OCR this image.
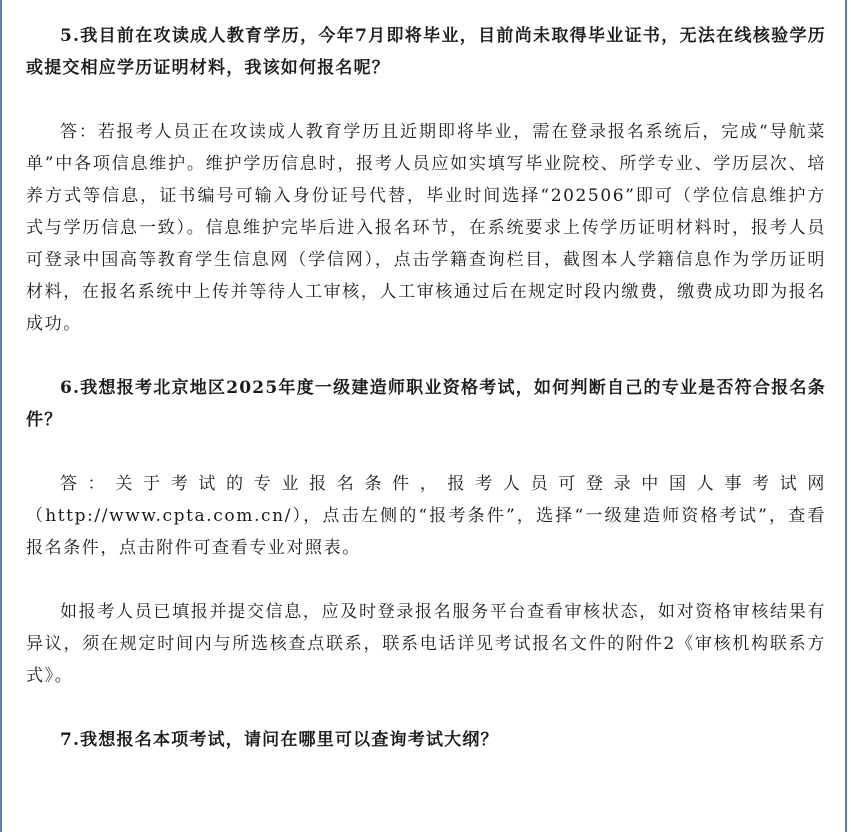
5.我目前在攻读成人教育学历，今年7月即将毕业，目前尚未取得毕业证书，无法在线核验学历或提交相应学历证明材料，我该如何报名呢？

答：若报考人员正在攻读成人教育学历且近期即将毕业，需在登录报名系统后，完成“导航菜单”中各项信息维护。维护学历信息时，报考人员应如实填写毕业院校、所学专业、学历层次、培养方式等信息，证书编号可输入身份证号代替，毕业时间选择“202506”即可（学位信息维护方式与学历信息一致）。信息维护完毕后进入报名环节，在系统要求上传学历证明材料时，报考人员可登录中国高等教育学生信息网（学信网），点击学籍查询栏目，截图本人学籍信息作为学历证明材料，在报名系统中上传并等待人工审核，人工审核通过后在规定时段内缴费，缴费成功即为报名成功。

6.我想报考北京地区2025年度一级建造师职业资格考试，如何判断自己的专业是否符合报名条件？

答：关于考试的专业报名条件，报考人员可登录中国人事考试网（http://www.cpta.com.cn/），点击左侧的“报考条件”，选择“一级建造师资格考试”，查看报名条件，点击附件可查看专业对照表。

如报考人员已填报并提交信息，应及时登录报名服务平台查看审核状态，如对资格审核结果有异议，须在规定时间内与所选核查点联系，联系电话详见考试报名文件的附件2《审核机构联系方式》。

7.我想报名本项考试，请问在哪里可以查询考试大纲？
